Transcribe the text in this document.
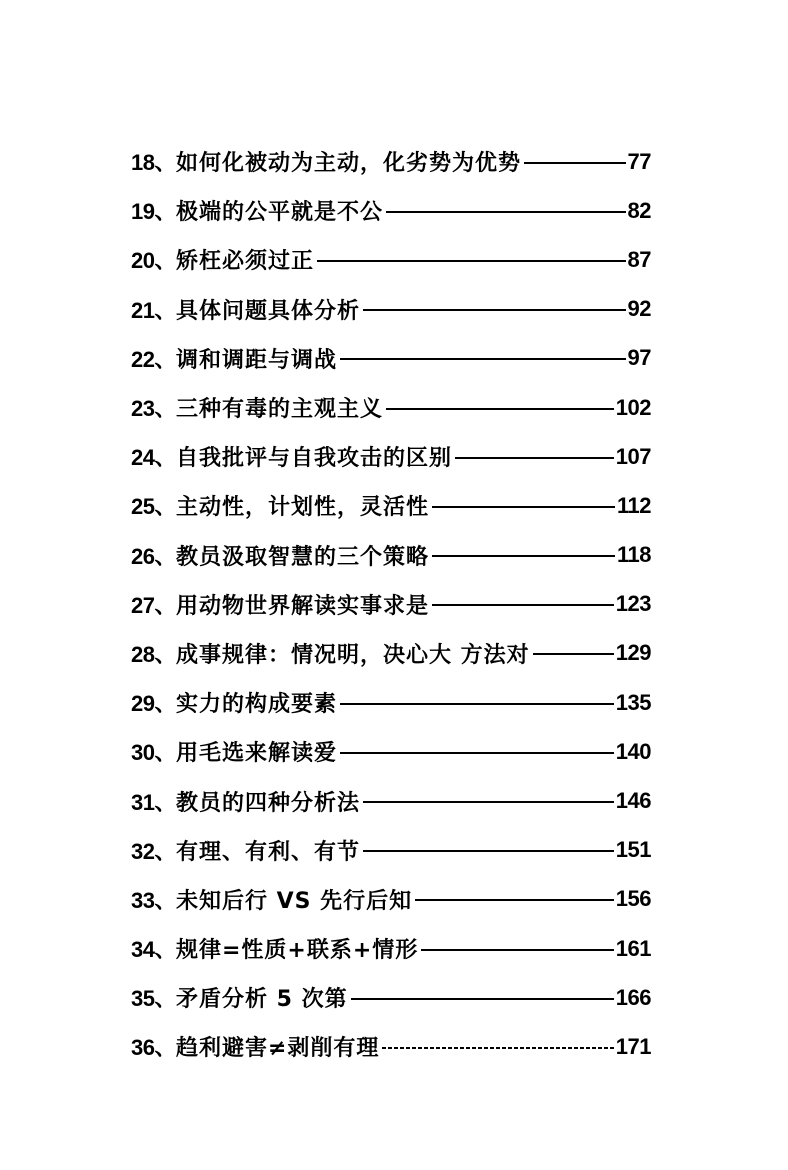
18、 如何化被动为主动，化劣势为优势	77
19、 极端的公平就是不公	82
20、 矫枉必须过正	87
21、 具体问题具体分析	92
22、 调和调距与调战	97
23、 三种有毒的主观主义	102
24、 自我批评与自我攻击的区别	107
25、 主动性，计划性，灵活性	112
26、 教员汲取智慧的三个策略	118
27、 用动物世界解读实事求是	123
28、 成事规律：情况明，决心大 方法对	129
29、 实力的构成要素	135
30、 用毛选来解读爱	140
31、 教员的四种分析法	146
32、 有理、有利、有节	151
33、 未知后行 VS 先行后知	156
34、 规律=性质+联系+情形	161
35、 矛盾分析 5 次第	166
36、 趋利避害≠剥削有理	171
